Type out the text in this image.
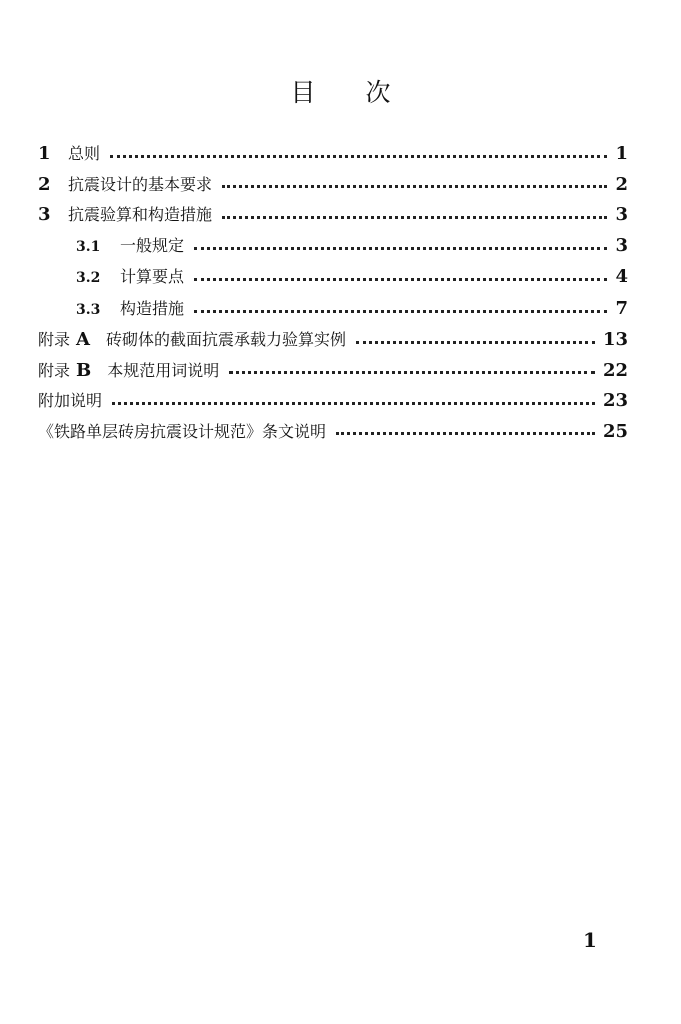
目 次
1	总则	1
2	抗震设计的基本要求	2
3	抗震验算和构造措施	3
3.1	一般规定	3
3.2	计算要点	4
3.3	构造措施	7
附录 A 砖砌体的截面抗震承载力验算实例	13
附录 B 本规范用词说明	22
附加说明	23
《铁路单层砖房抗震设计规范》条文说明	25
1
